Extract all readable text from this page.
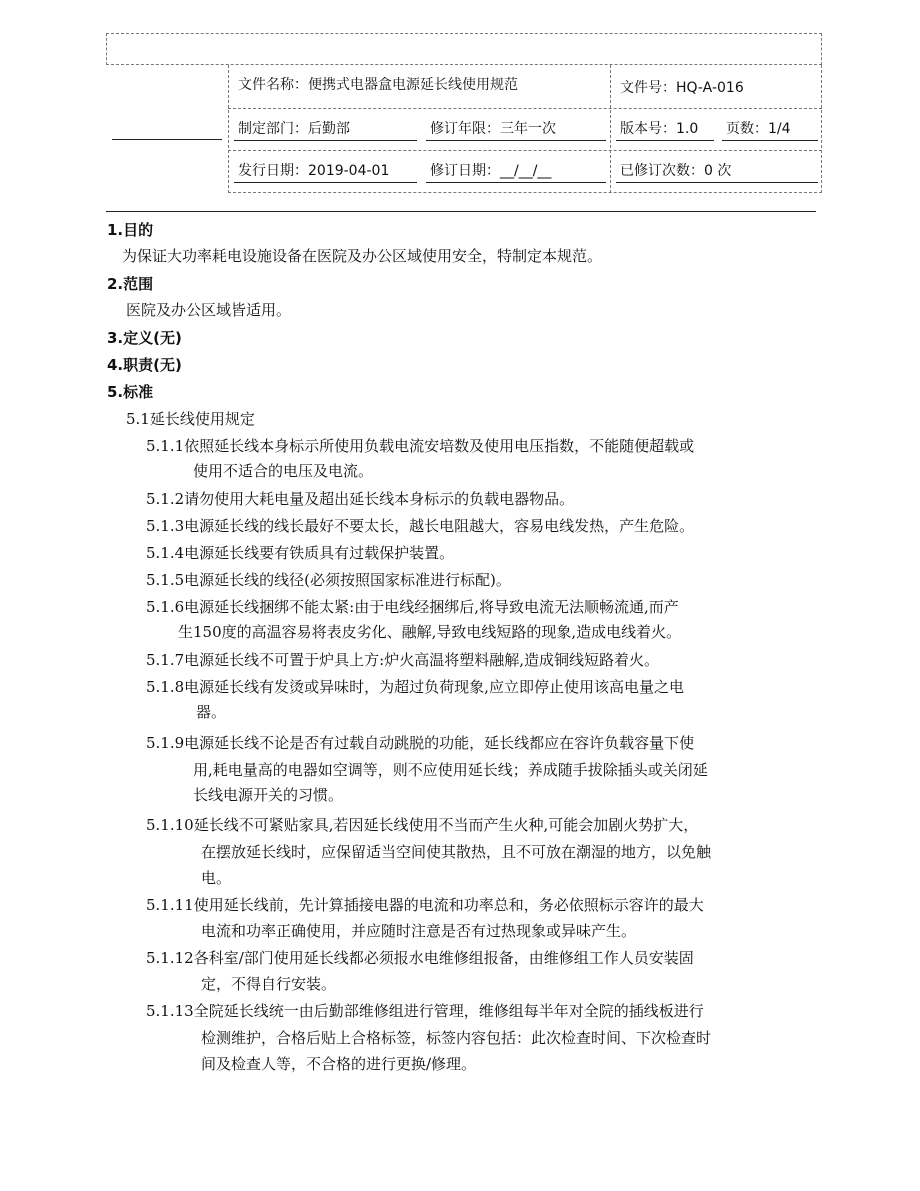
文件名称：便携式电器盒电源延长线使用规范	文件号：HQ-A-016
制定部门：后勤部	修订年限：三年一次	版本号：1.0 页数：1/4
发行日期：2019-04-01	修订日期：__/__/__	已修订次数：0 次
1.目的
为保证大功率耗电设施设备在医院及办公区域使用安全，特制定本规范。
2.范围
医院及办公区域皆适用。
3.定义(无)
4.职责(无)
5.标准
5.1延长线使用规定
5.1.1依照延长线本身标示所使用负载电流安培数及使用电压指数，不能随便超载或
使用不适合的电压及电流。
5.1.2请勿使用大耗电量及超出延长线本身标示的负载电器物品。
5.1.3电源延长线的线长最好不要太长，越长电阻越大，容易电线发热，产生危险。
5.1.4电源延长线要有铁质具有过载保护装置。
5.1.5电源延长线的线径(必须按照国家标准进行标配)。
5.1.6电源延长线捆绑不能太紧:由于电线经捆绑后,将导致电流无法顺畅流通,而产
生150度的高温容易将表皮劣化、融解,导致电线短路的现象,造成电线着火。
5.1.7电源延长线不可置于炉具上方:炉火高温将塑料融解,造成铜线短路着火。
5.1.8电源延长线有发烫或异味时，为超过负荷现象,应立即停止使用该高电量之电
器。
5.1.9电源延长线不论是否有过载自动跳脱的功能，延长线都应在容许负载容量下使
用,耗电量高的电器如空调等，则不应使用延长线；养成随手拔除插头或关闭延
长线电源开关的习惯。
5.1.10延长线不可紧贴家具,若因延长线使用不当而产生火种,可能会加剧火势扩大，
在摆放延长线时，应保留适当空间使其散热，且不可放在潮湿的地方，以免触
电。
5.1.11使用延长线前，先计算插接电器的电流和功率总和，务必依照标示容许的最大
电流和功率正确使用，并应随时注意是否有过热现象或异味产生。
5.1.12各科室/部门使用延长线都必须报水电维修组报备，由维修组工作人员安装固
定，不得自行安装。
5.1.13全院延长线统一由后勤部维修组进行管理，维修组每半年对全院的插线板进行
检测维护，合格后贴上合格标签，标签内容包括：此次检查时间、下次检查时
间及检查人等，不合格的进行更换/修理。
